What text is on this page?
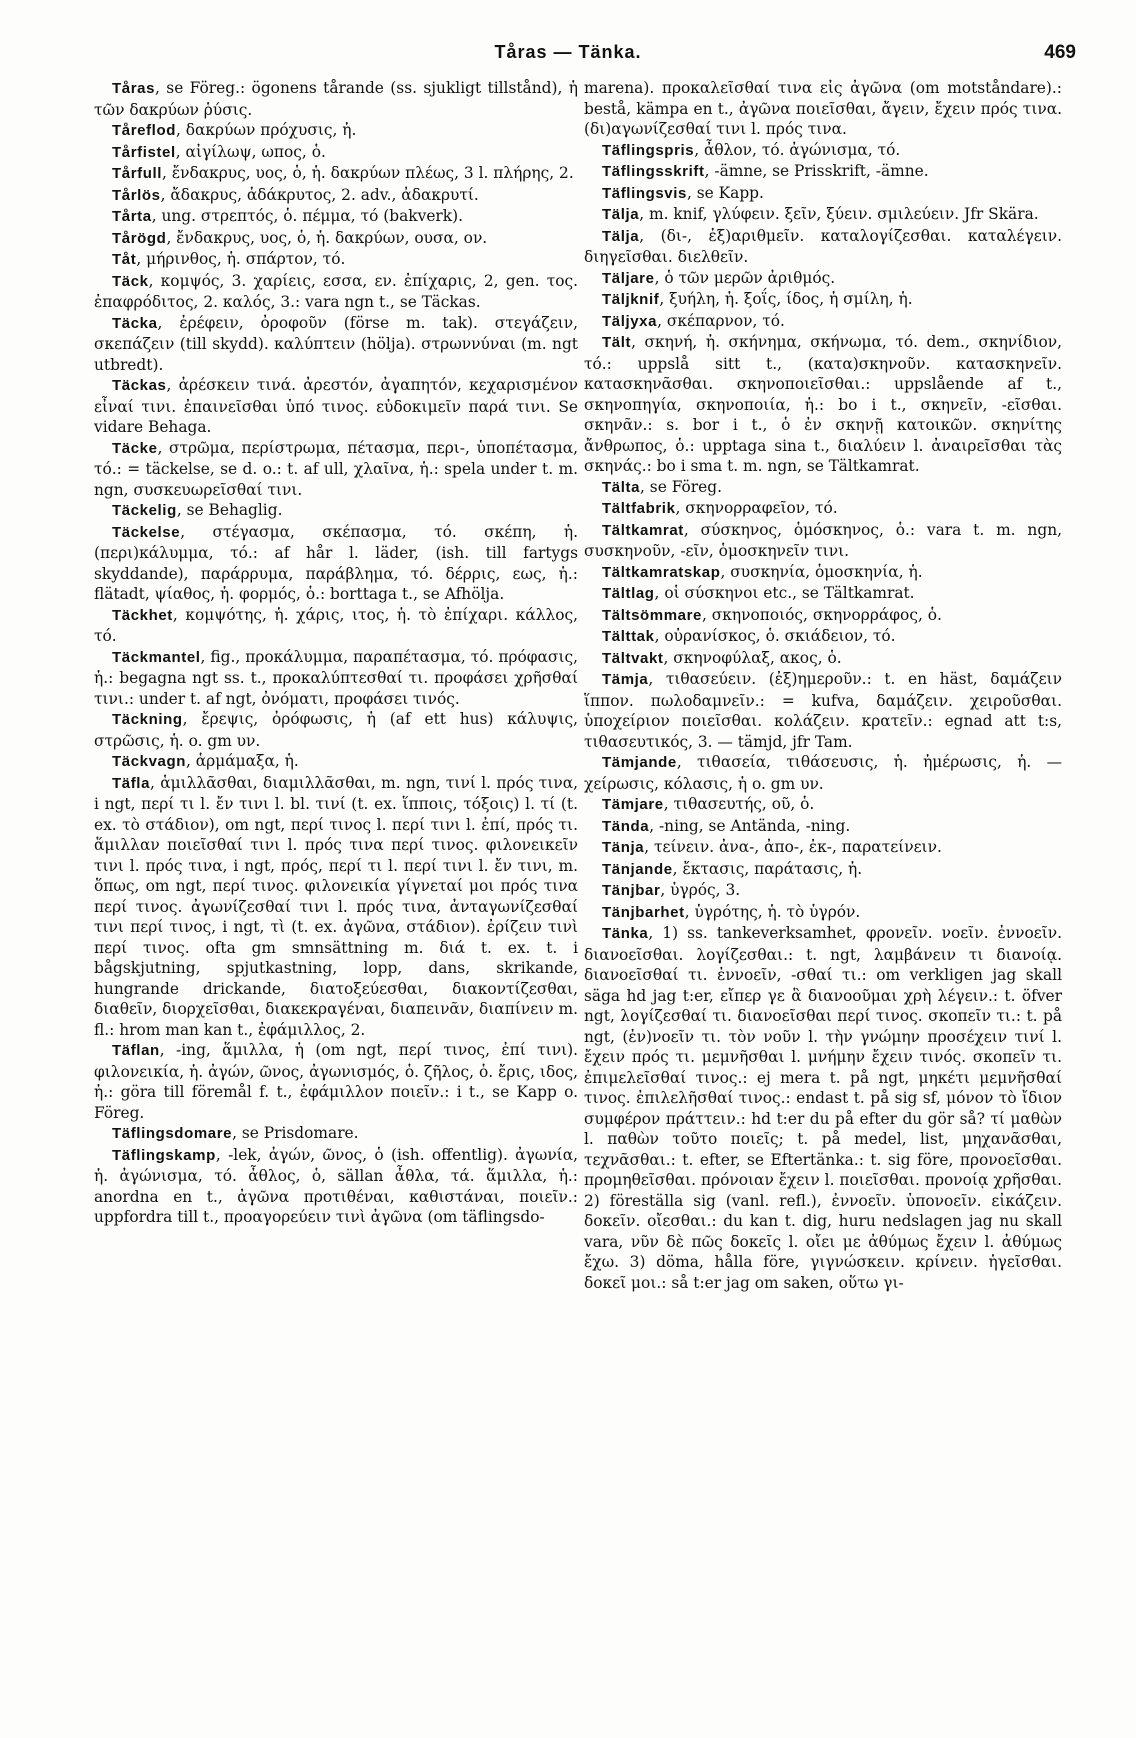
Tåras — Tänka.	469

Tåras, se Föreg.: ögonens tårande (ss. sjukligt tillstånd), ἡ τῶν δακρύων ῥύσις.

Tåreflod, δακρύων πρόχυσις, ἡ.

Tårfistel, αἰγίλωψ, ωπος, ὁ.

Tårfull, ἔνδακρυς, υος, ὁ, ἡ. δακρύων πλέως, 3 l. πλήρης, 2.

Tårlös, ἄδακρυς, ἀδάκρυτος, 2. adv., ἀδακρυτί.

Tårta, ung. στρεπτός, ὁ. πέμμα, τό (bakverk).

Tårögd, ἔνδακρυς, υος, ὁ, ἡ. δακρύων, ουσα, ον.

Tåt, μήρινθος, ἡ. σπάρτον, τό.

Täck, κομψός, 3. χαρίεις, εσσα, εν. ἐπίχαρις, 2, gen. τος. ἐπαφρόδιτος, 2. καλός, 3.: vara ngn t., se Täckas.

Täcka, ἐρέφειν, ὀροφοῦν (förse m. tak). στεγάζειν, σκεπάζειν (till skydd). καλύπτειν (hölja). στρωννύναι (m. ngt utbredt).

Täckas, ἀρέσκειν τινά. ἀρεστόν, ἀγαπητόν, κεχαρισμένον εἶναί τινι. ἐπαινεῖσθαι ὑπό τινος. εὐδοκιμεῖν παρά τινι. Se vidare Behaga.

Täcke, στρῶμα, περίστρωμα, πέτασμα, περι-, ὑποπέτασμα, τό.: = täckelse, se d. o.: t. af ull, χλαῖνα, ἡ.: spela under t. m. ngn, συσκευωρεῖσθαί τινι.

Täckelig, se Behaglig.

Täckelse, στέγασμα, σκέπασμα, τό. σκέπη, ἡ. (περι)κάλυμμα, τό.: af hår l. läder, (ish. till fartygs skyddande), παράρρυμα, παράβλημα, τό. δέρρις, εως, ἡ.: flätadt, ψίαθος, ἡ. φορμός, ὁ.: borttaga t., se Afhölja.

Täckhet, κομψότης, ἡ. χάρις, ιτος, ἡ. τὸ ἐπίχαρι. κάλλος, τό.

Täckmantel, fig., προκάλυμμα, παραπέτασμα, τό. πρόφασις, ἡ.: begagna ngt ss. t., προκαλύπτεσθαί τι. προφάσει χρῆσθαί τινι.: under t. af ngt, ὀνόματι, προφάσει τινός.

Täckning, ἔρεψις, ὀρόφωσις, ἡ (af ett hus) κάλυψις, στρῶσις, ἡ. o. gm υν.

Täckvagn, ἁρμάμαξα, ἡ.

Täfla, ἁμιλλᾶσθαι, διαμιλλᾶσθαι, m. ngn, τινί l. πρός τινα, i ngt, περί τι l. ἔν τινι l. bl. τινί (t. ex. ἵπποις, τόξοις) l. τί (t. ex. τὸ στάδιον), om ngt, περί τινος l. περί τινι l. ἐπί, πρός τι. ἅμιλλαν ποιεῖσθαί τινι l. πρός τινα περί τινος. φιλονεικεῖν τινι l. πρός τινα, i ngt, πρός, περί τι l. περί τινι l. ἔν τινι, m. ὅπως, om ngt, περί τινος. φιλονεικία γίγνεταί μοι πρός τινα περί τινος. ἀγωνίζεσθαί τινι l. πρός τινα, ἀνταγωνίζεσθαί τινι περί τινος, i ngt, τὶ (t. ex. ἀγῶνα, στάδιον). ἐρίζειν τινὶ περί τινος. ofta gm smnsättning m. διά t. ex. t. i bågskjutning, spjutkastning, lopp, dans, skrikande, hungrande drickande, διατοξεύεσθαι, διακοντίζεσθαι, διαθεῖν, διορχεῖσθαι, διακεκραγέναι, διαπεινᾶν, διαπίνειν m. fl.: hrom man kan t., ἐφάμιλλος, 2.

Täflan, -ing, ἅμιλλα, ἡ (om ngt, περί τινος, ἐπί τινι). φιλονεικία, ἡ. ἀγών, ῶνος, ἀγωνισμός, ὁ. ζῆλος, ὁ. ἔρις, ιδος, ἡ.: göra till föremål f. t., ἐφάμιλλον ποιεῖν.: i t., se Kapp o. Föreg.

Täflingsdomare, se Prisdomare.

Täflingskamp, -lek, ἀγών, ῶνος, ὁ (ish. offentlig). ἀγωνία, ἡ. ἀγώνισμα, τό. ἆθλος, ὁ, sällan ἆθλα, τά. ἅμιλλα, ἡ.: anordna en t., ἀγῶνα προτιθέναι, καθιστάναι, ποιεῖν.: uppfordra till t., προαγορεύειν τινὶ ἀγῶνα (om täflingsdo-

marena). προκαλεῖσθαί τινα εἰς ἀγῶνα (om motståndare).: bestå, kämpa en t., ἀγῶνα ποιεῖσθαι, ἄγειν, ἔχειν πρός τινα. (δι)αγωνίζεσθαί τινι l. πρός τινα.

Täflingspris, ἆθλον, τό. ἀγώνισμα, τό.

Täflingsskrift, -ämne, se Prisskrift, -ämne.

Täflingsvis, se Kapp.

Tälja, m. knif, γλύφειν. ξεῖν, ξύειν. σμιλεύειν. Jfr Skära.

Tälja, (δι-, ἐξ)αριθμεῖν. καταλογίζεσθαι. καταλέγειν. διηγεῖσθαι. διελθεῖν.

Täljare, ὁ τῶν μερῶν ἀριθμός.

Täljknif, ξυήλη, ἡ. ξοΐς, ίδος, ἡ σμίλη, ἡ.

Täljyxa, σκέπαρνον, τό.

Tält, σκηνή, ἡ. σκήνημα, σκήνωμα, τό. dem., σκηνίδιον, τό.: uppslå sitt t., (κατα)σκηνοῦν. κατασκηνεῖν. κατασκηνᾶσθαι. σκηνοποιεῖσθαι.: uppslående af t., σκηνοπηγία, σκηνοποιία, ἡ.: bo i t., σκηνεῖν, -εῖσθαι. σκηνᾶν.: s. bor i t., ὁ ἐν σκηνῇ κατοικῶν. σκηνίτης ἄνθρωπος, ὁ.: upptaga sina t., διαλύειν l. ἀναιρεῖσθαι τὰς σκηνάς.: bo i sma t. m. ngn, se Tältkamrat.

Tälta, se Föreg.

Tältfabrik, σκηνορραφεῖον, τό.

Tältkamrat, σύσκηνος, ὁμόσκηνος, ὁ.: vara t. m. ngn, συσκηνοῦν, -εῖν, ὁμοσκηνεῖν τινι.

Tältkamratskap, συσκηνία, ὁμοσκηνία, ἡ.

Tältlag, οἱ σύσκηνοι etc., se Tältkamrat.

Tältsömmare, σκηνοποιός, σκηνορράφος, ὁ.

Tälttak, οὐρανίσκος, ὁ. σκιάδειον, τό.

Tältvakt, σκηνοφύλαξ, ακος, ὁ.

Tämja, τιθασεύειν. (ἐξ)ημεροῦν.: t. en häst, δαμάζειν ἵππον. πωλοδαμνεῖν.: = kufva, δαμάζειν. χειροῦσθαι. ὑποχείριον ποιεῖσθαι. κολάζειν. κρατεῖν.: egnad att t:s, τιθασευτικός, 3. — tämjd, jfr Tam.

Tämjande, τιθασεία, τιθάσευσις, ἡ. ἡμέρωσις, ἡ. — χείρωσις, κόλασις, ἡ o. gm υν.

Tämjare, τιθασευτής, οῦ, ὁ.

Tända, -ning, se Antända, -ning.

Tänja, τείνειν. ἀνα-, ἀπο-, ἐκ-, παρατείνειν.

Tänjande, ἔκτασις, παράτασις, ἡ.

Tänjbar, ὑγρός, 3.

Tänjbarhet, ὑγρότης, ἡ. τὸ ὑγρόν.

Tänka, 1) ss. tankeverksamhet, φρονεῖν. νοεῖν. ἐννοεῖν. διανοεῖσθαι. λογίζεσθαι.: t. ngt, λαμβάνειν τι διανοίᾳ. διανοεῖσθαί τι. ἐννοεῖν, -σθαί τι.: om verkligen jag skall säga hd jag t:er, εἴπερ γε ἃ διανοοῦμαι χρὴ λέγειν.: t. öfver ngt, λογίζεσθαί τι. διανοεῖσθαι περί τινος. σκοπεῖν τι.: t. på ngt, (ἐν)νοεῖν τι. τὸν νοῦν l. τὴν γνώμην προσέχειν τινί l. ἔχειν πρός τι. μεμνῆσθαι l. μνήμην ἔχειν τινός. σκοπεῖν τι. ἐπιμελεῖσθαί τινος.: ej mera t. på ngt, μηκέτι μεμνῆσθαί τινος. ἐπιλελῆσθαί τινος.: endast t. på sig sf, μόνον τὸ ἴδιον συμφέρον πράττειν.: hd t:er du på efter du gör så? τί μαθὼν l. παθὼν τοῦτο ποιεῖς; t. på medel, list, μηχανᾶσθαι, τεχνᾶσθαι.: t. efter, se Eftertänka.: t. sig före, προνοεῖσθαι. προμηθεῖσθαι. πρόνοιαν ἔχειν l. ποιεῖσθαι. προνοίᾳ χρῆσθαι. 2) föreställa sig (vanl. refl.), ἐννοεῖν. ὑπονοεῖν. εἰκάζειν. δοκεῖν. οἴεσθαι.: du kan t. dig, huru nedslagen jag nu skall vara, νῦν δὲ πῶς δοκεῖς l. οἴει με ἀθύμως ἔχειν l. ἀθύμως ἔχω. 3) döma, hålla före, γιγνώσκειν. κρίνειν. ἡγεῖσθαι. δοκεῖ μοι.: så t:er jag om saken, οὕτω γι-
